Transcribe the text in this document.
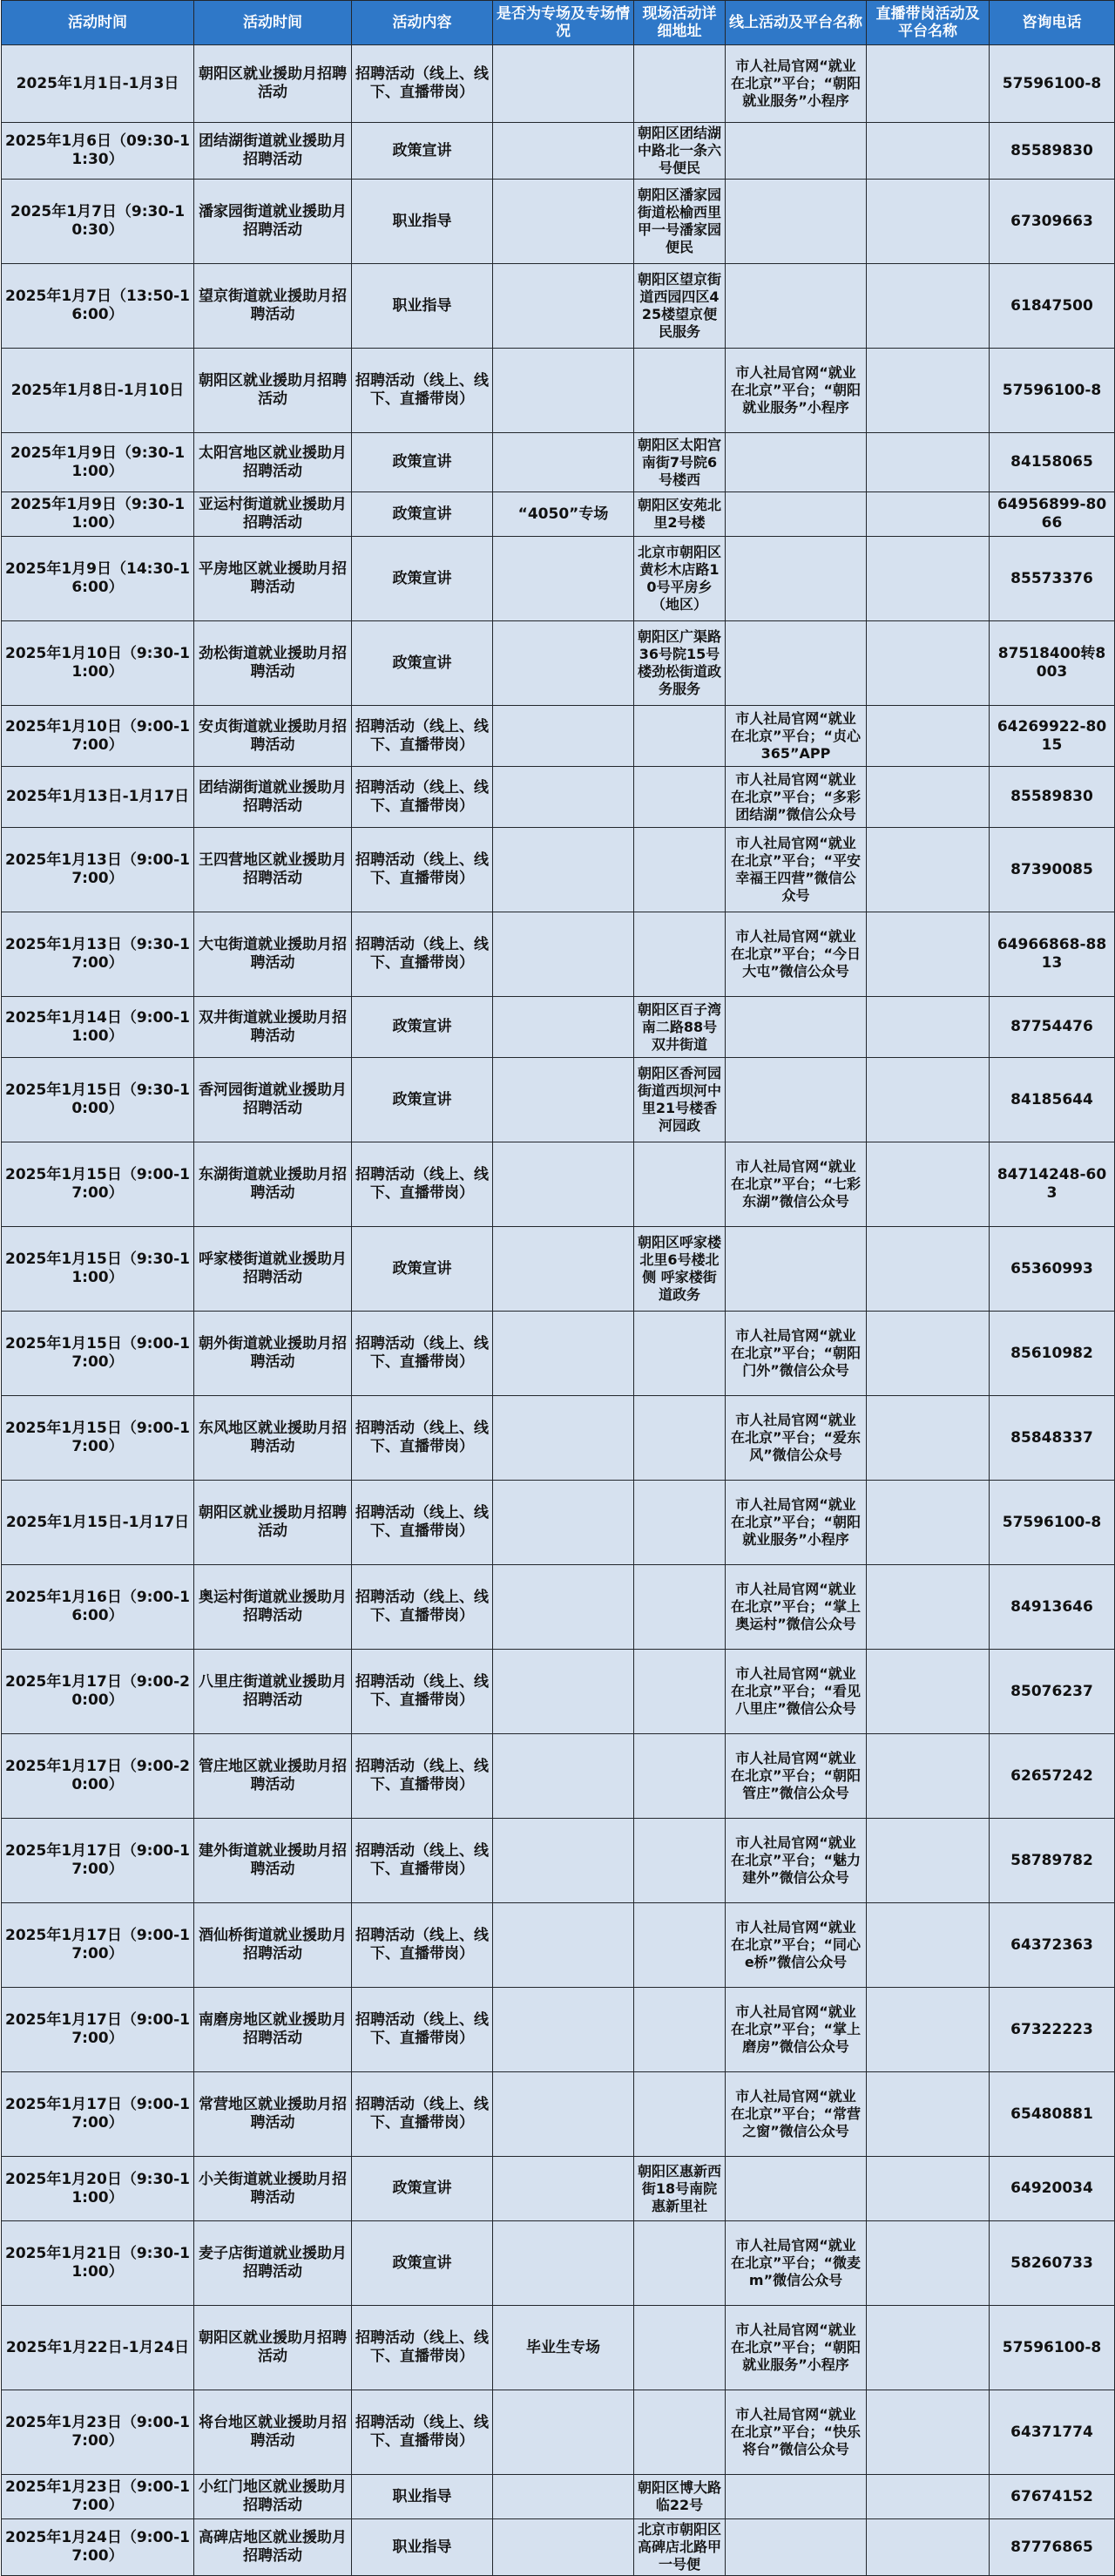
活动时间	活动时间	活动内容	是否为专场及专场情况	现场活动详细地址	线上活动及平台名称	直播带岗活动及平台名称	咨询电话
2025年1月1日-1月3日	朝阳区就业援助月招聘活动	招聘活动（线上、线下、直播带岗）			市人社局官网“就业在北京”平台；“朝阳就业服务”小程序		57596100-8
2025年1月6日（09:30-11:30）	团结湖街道就业援助月招聘活动	政策宣讲		朝阳区团结湖中路北一条六号便民			85589830
2025年1月7日（9:30-10:30）	潘家园街道就业援助月招聘活动	职业指导		朝阳区潘家园街道松榆西里甲一号潘家园便民			67309663
2025年1月7日（13:50-16:00）	望京街道就业援助月招聘活动	职业指导		朝阳区望京街道西园四区425楼望京便民服务			61847500
2025年1月8日-1月10日	朝阳区就业援助月招聘活动	招聘活动（线上、线下、直播带岗）			市人社局官网“就业在北京”平台；“朝阳就业服务”小程序		57596100-8
2025年1月9日（9:30-11:00）	太阳宫地区就业援助月招聘活动	政策宣讲		朝阳区太阳宫南街7号院6号楼西			84158065
2025年1月9日（9:30-11:00）	亚运村街道就业援助月招聘活动	政策宣讲	“4050”专场	朝阳区安苑北里2号楼			64956899-8066
2025年1月9日（14:30-16:00）	平房地区就业援助月招聘活动	政策宣讲		北京市朝阳区黄杉木店路10号平房乡（地区）			85573376
2025年1月10日（9:30-11:00）	劲松街道就业援助月招聘活动	政策宣讲		朝阳区广渠路36号院15号楼劲松街道政务服务			87518400转8003
2025年1月10日（9:00-17:00）	安贞街道就业援助月招聘活动	招聘活动（线上、线下、直播带岗）			市人社局官网“就业在北京”平台；“贞心365”APP		64269922-8015
2025年1月13日-1月17日	团结湖街道就业援助月招聘活动	招聘活动（线上、线下、直播带岗）			市人社局官网“就业在北京”平台；“多彩团结湖”微信公众号		85589830
2025年1月13日（9:00-17:00）	王四营地区就业援助月招聘活动	招聘活动（线上、线下、直播带岗）			市人社局官网“就业在北京”平台；“平安幸福王四营”微信公众号		87390085
2025年1月13日（9:30-17:00）	大屯街道就业援助月招聘活动	招聘活动（线上、线下、直播带岗）			市人社局官网“就业在北京”平台；“今日大屯”微信公众号		64966868-8813
2025年1月14日（9:00-11:00）	双井街道就业援助月招聘活动	政策宣讲		朝阳区百子湾南二路88号双井街道			87754476
2025年1月15日（9:30-10:00）	香河园街道就业援助月招聘活动	政策宣讲		朝阳区香河园街道西坝河中里21号楼香河园政			84185644
2025年1月15日（9:00-17:00）	东湖街道就业援助月招聘活动	招聘活动（线上、线下、直播带岗）			市人社局官网“就业在北京”平台；“七彩东湖”微信公众号		84714248-603
2025年1月15日（9:30-11:00）	呼家楼街道就业援助月招聘活动	政策宣讲		朝阳区呼家楼北里6号楼北侧 呼家楼街道政务			65360993
2025年1月15日（9:00-17:00）	朝外街道就业援助月招聘活动	招聘活动（线上、线下、直播带岗）			市人社局官网“就业在北京”平台；“朝阳门外”微信公众号		85610982
2025年1月15日（9:00-17:00）	东风地区就业援助月招聘活动	招聘活动（线上、线下、直播带岗）			市人社局官网“就业在北京”平台；“爱东风”微信公众号		85848337
2025年1月15日-1月17日	朝阳区就业援助月招聘活动	招聘活动（线上、线下、直播带岗）			市人社局官网“就业在北京”平台；“朝阳就业服务”小程序		57596100-8
2025年1月16日（9:00-16:00）	奥运村街道就业援助月招聘活动	招聘活动（线上、线下、直播带岗）			市人社局官网“就业在北京”平台；“掌上奥运村”微信公众号		84913646
2025年1月17日（9:00-20:00）	八里庄街道就业援助月招聘活动	招聘活动（线上、线下、直播带岗）			市人社局官网“就业在北京”平台；“看见八里庄”微信公众号		85076237
2025年1月17日（9:00-20:00）	管庄地区就业援助月招聘活动	招聘活动（线上、线下、直播带岗）			市人社局官网“就业在北京”平台；“朝阳管庄”微信公众号		62657242
2025年1月17日（9:00-17:00）	建外街道就业援助月招聘活动	招聘活动（线上、线下、直播带岗）			市人社局官网“就业在北京”平台；“魅力建外”微信公众号		58789782
2025年1月17日（9:00-17:00）	酒仙桥街道就业援助月招聘活动	招聘活动（线上、线下、直播带岗）			市人社局官网“就业在北京”平台；“同心e桥”微信公众号		64372363
2025年1月17日（9:00-17:00）	南磨房地区就业援助月招聘活动	招聘活动（线上、线下、直播带岗）			市人社局官网“就业在北京”平台；“掌上磨房”微信公众号		67322223
2025年1月17日（9:00-17:00）	常营地区就业援助月招聘活动	招聘活动（线上、线下、直播带岗）			市人社局官网“就业在北京”平台；“常营之窗”微信公众号		65480881
2025年1月20日（9:30-11:00）	小关街道就业援助月招聘活动	政策宣讲		朝阳区惠新西街18号南院惠新里社			64920034
2025年1月21日（9:30-11:00）	麦子店街道就业援助月招聘活动	政策宣讲			市人社局官网“就业在北京”平台；“微麦m”微信公众号		58260733
2025年1月22日-1月24日	朝阳区就业援助月招聘活动	招聘活动（线上、线下、直播带岗）	毕业生专场		市人社局官网“就业在北京”平台；“朝阳就业服务”小程序		57596100-8
2025年1月23日（9:00-17:00）	将台地区就业援助月招聘活动	招聘活动（线上、线下、直播带岗）			市人社局官网“就业在北京”平台；“快乐将台”微信公众号		64371774
2025年1月23日（9:00-17:00）	小红门地区就业援助月招聘活动	职业指导		朝阳区博大路临22号			67674152
2025年1月24日（9:00-17:00）	高碑店地区就业援助月招聘活动	职业指导		北京市朝阳区高碑店北路甲一号便			87776865
